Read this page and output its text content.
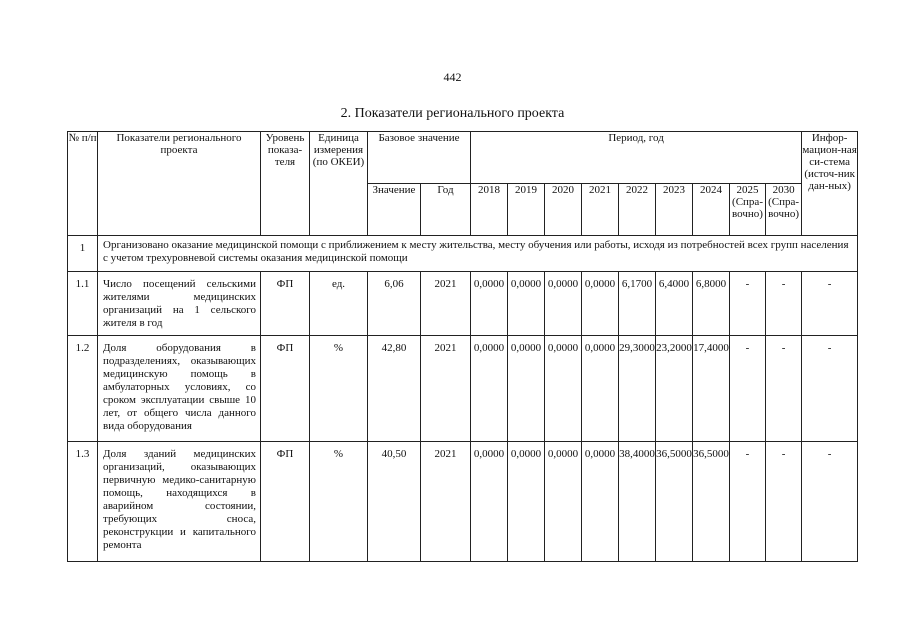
442
2. Показатели регионального проекта
№ п/п	Показатели регионального проекта	Уровень показа-теля	Единица измерения (по ОКЕИ)	Базовое значение		Период, год									Инфор-мацион-ная си-стема (источ-ник дан-ных)
				Значение	Год	2018	2019	2020	2021	2022	2023	2024	2025 (Спра-вочно)	2030 (Спра-вочно)	
1	Организовано оказание медицинской помощи с приближением к месту жительства, месту обучения или работы, исходя из потребностей всех групп населения с учетом трехуровневой системы оказания медицинской помощи														
1.1	Число посещений сельскими жителями медицинских организаций на 1 сельского жителя в год	ФП	ед.	6,06	2021	0,0000	0,0000	0,0000	0,0000	6,1700	6,4000	6,8000	-	-	-
1.2	Доля оборудования в подразделениях, оказывающих медицинскую помощь в амбулаторных условиях, со сроком эксплуатации свыше 10 лет, от общего числа данного вида оборудования	ФП	%	42,80	2021	0,0000	0,0000	0,0000	0,0000	29,3000	23,2000	17,4000	-	-	-
1.3	Доля зданий медицинских организаций, оказывающих первичную медико-санитарную помощь, находящихся в аварийном состоянии, требующих сноса, реконструкции и капитального ремонта	ФП	%	40,50	2021	0,0000	0,0000	0,0000	0,0000	38,4000	36,5000	36,5000	-	-	-
